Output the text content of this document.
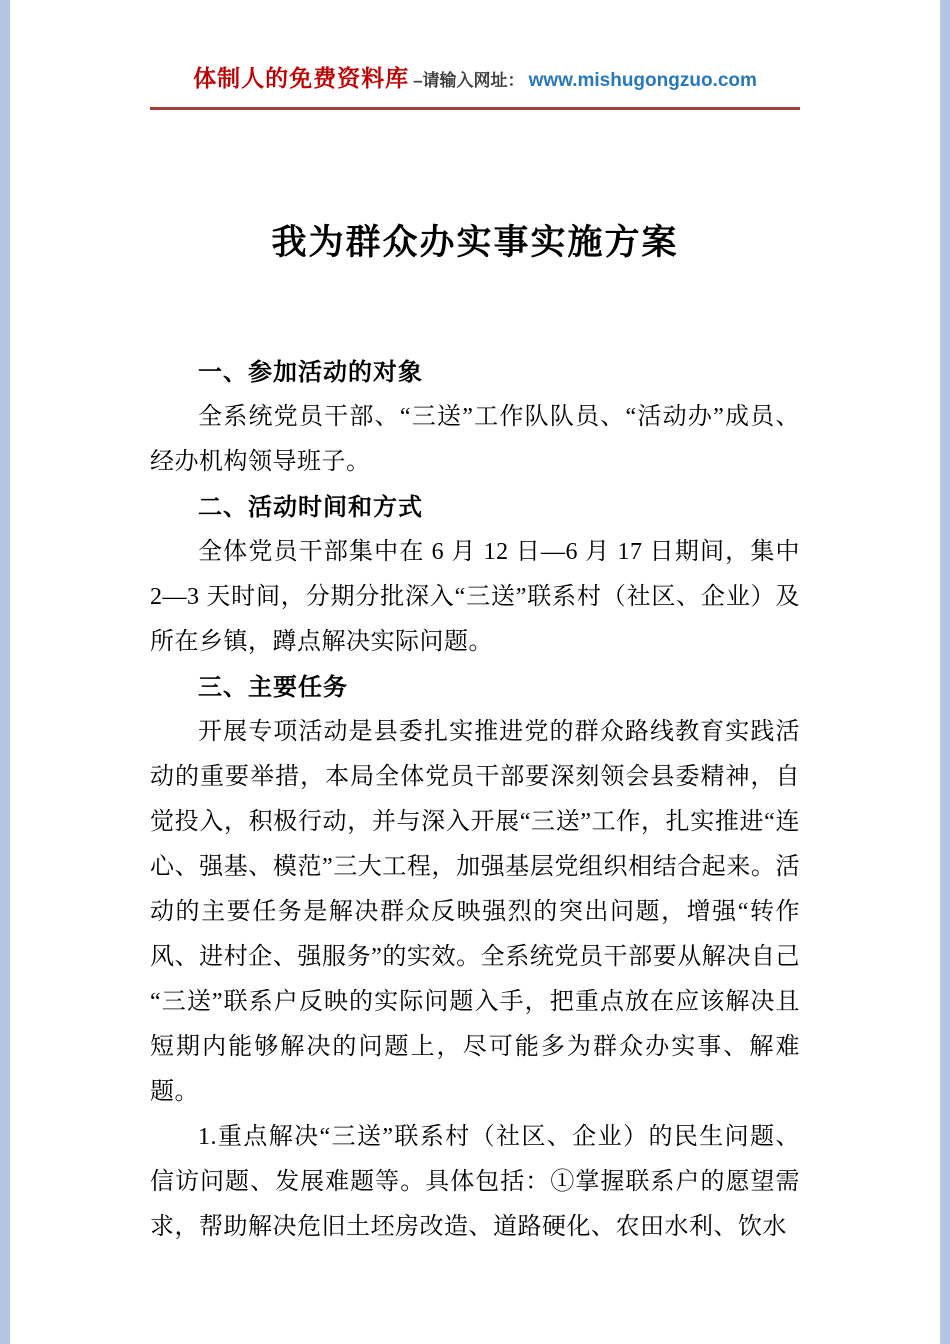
体制人的免费资料库 –请输入网址： www.mishugongzuo.com
我为群众办实事实施方案
一、参加活动的对象

全系统党员干部、“三送”工作队队员、“活动办”成员、经办机构领导班子。

二、活动时间和方式

全体党员干部集中在 6 月 12 日—6 月 17 日期间，集中 2—3 天时间，分期分批深入“三送”联系村（社区、企业）及所在乡镇，蹲点解决实际问题。

三、主要任务

开展专项活动是县委扎实推进党的群众路线教育实践活动的重要举措，本局全体党员干部要深刻领会县委精神，自觉投入，积极行动，并与深入开展“三送”工作，扎实推进“连心、强基、模范”三大工程，加强基层党组织相结合起来。活动的主要任务是解决群众反映强烈的突出问题，增强“转作风、进村企、强服务”的实效。全系统党员干部要从解决自己“三送”联系户反映的实际问题入手，把重点放在应该解决且短期内能够解决的问题上，尽可能多为群众办实事、解难题。

1.重点解决“三送”联系村（社区、企业）的民生问题、信访问题、发展难题等。具体包括：①掌握联系户的愿望需求，帮助解决危旧土坯房改造、道路硬化、农田水利、饮水
